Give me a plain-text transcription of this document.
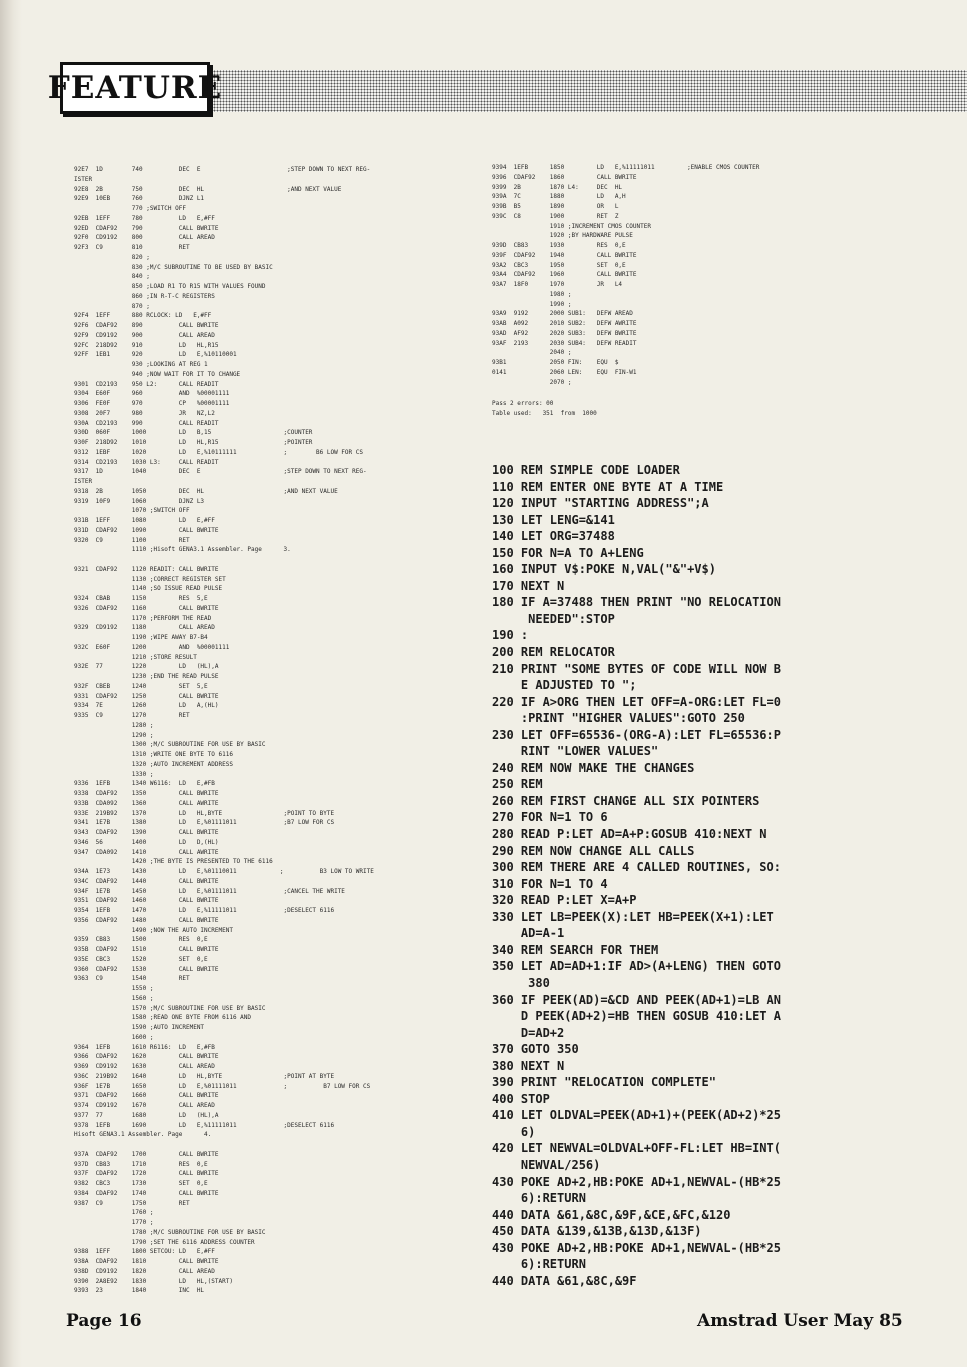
FEATURE
92E7  1D        740          DEC  E                        ;STEP DOWN TO NEXT REG-
ISTER
92E8  2B        750          DEC  HL                       ;AND NEXT VALUE
92E9  10EB      760          DJNZ L1
770 ;SWITCH OFF
92EB  1EFF      780          LD   E,#FF
92ED  CDAF92    790          CALL BWRITE
92F0  CD9192    800          CALL AREAD
92F3  C9        810          RET
820 ;
830 ;M/C SUBROUTINE TO BE USED BY BASIC
840 ;
850 ;LOAD R1 TO R15 WITH VALUES FOUND
860 ;IN R-T-C REGISTERS
870 ;
92F4  1EFF      880 RCLOCK: LD   E,#FF
92F6  CDAF92    890          CALL BWRITE
92F9  CD9192    900          CALL AREAD
92FC  218D92    910          LD   HL,R15
92FF  1EB1      920          LD   E,%10110001
930 ;LOOKING AT REG 1
940 ;NOW WAIT FOR IT TO CHANGE
9301  CD2193    950 L2:      CALL READIT
9304  E60F      960          AND  %00001111
9306  FE0F      970          CP   %00001111
9308  20F7      980          JR   NZ,L2
930A  CD2193    990          CALL READIT
930D  060F      1000         LD   B,15                    ;COUNTER
930F  218D92    1010         LD   HL,R15                  ;POINTER
9312  1EBF      1020         LD   E,%10111111             ;        B6 LOW FOR CS
9314  CD2193    1030 L3:     CALL READIT
9317  1D        1040         DEC  E                       ;STEP DOWN TO NEXT REG-
ISTER
9318  2B        1050         DEC  HL                      ;AND NEXT VALUE
9319  10F9      1060         DJNZ L3
1070 ;SWITCH OFF
931B  1EFF      1080         LD   E,#FF
931D  CDAF92    1090         CALL BWRITE
9320  C9        1100         RET
1110 ;Hisoft GENA3.1 Assembler. Page      3.

9321  CDAF92    1120 READIT: CALL BWRITE
1130 ;CORRECT REGISTER SET
1140 ;SO ISSUE READ PULSE
9324  CBAB      1150         RES  5,E
9326  CDAF92    1160         CALL BWRITE
1170 ;PERFORM THE READ
9329  CD9192    1180         CALL AREAD
1190 ;WIPE AWAY B7-B4
932C  E60F      1200         AND  %00001111
1210 ;STORE RESULT
932E  77        1220         LD   (HL),A
1230 ;END THE READ PULSE
932F  CBEB      1240         SET  5,E
9331  CDAF92    1250         CALL BWRITE
9334  7E        1260         LD   A,(HL)
9335  C9        1270         RET
1280 ;
1290 ;
1300 ;M/C SUBROUTINE FOR USE BY BASIC
1310 ;WRITE ONE BYTE TO 6116
1320 ;AUTO INCREMENT ADDRESS
1330 ;
9336  1EFB      1340 W6116:  LD   E,#FB
9338  CDAF92    1350         CALL BWRITE
933B  CDA092    1360         CALL AWRITE
933E  219B92    1370         LD   HL,BYTE                 ;POINT TO BYTE
9341  1E7B      1380         LD   E,%01111011             ;B7 LOW FOR CS
9343  CDAF92    1390         CALL BWRITE
9346  56        1400         LD   D,(HL)
9347  CDA092    1410         CALL AWRITE
1420 ;THE BYTE IS PRESENTED TO THE 6116
934A  1E73      1430         LD   E,%01110011            ;          B3 LOW TO WRITE
934C  CDAF92    1440         CALL BWRITE
934F  1E7B      1450         LD   E,%01111011             ;CANCEL THE WRITE
9351  CDAF92    1460         CALL BWRITE
9354  1EFB      1470         LD   E,%11111011             ;DESELECT 6116
9356  CDAF92    1480         CALL BWRITE
1490 ;NOW THE AUTO INCREMENT
9359  CB83      1500         RES  0,E
935B  CDAF92    1510         CALL BWRITE
935E  CBC3      1520         SET  0,E
9360  CDAF92    1530         CALL BWRITE
9363  C9        1540         RET
1550 ;
1560 ;
1570 ;M/C SUBROUTINE FOR USE BY BASIC
1580 ;READ ONE BYTE FROM 6116 AND
1590 ;AUTO INCREMENT
1600 ;
9364  1EFB      1610 R6116:  LD   E,#FB
9366  CDAF92    1620         CALL BWRITE
9369  CD9192    1630         CALL AREAD
936C  219B92    1640         LD   HL,BYTE                 ;POINT AT BYTE
936F  1E7B      1650         LD   E,%01111011             ;          B7 LOW FOR CS
9371  CDAF92    1660         CALL BWRITE
9374  CD9192    1670         CALL AREAD
9377  77        1680         LD   (HL),A
9378  1EFB      1690         LD   E,%11111011             ;DESELECT 6116
Hisoft GENA3.1 Assembler. Page      4.

937A  CDAF92    1700         CALL BWRITE
937D  CB83      1710         RES  0,E
937F  CDAF92    1720         CALL BWRITE
9382  CBC3      1730         SET  0,E
9384  CDAF92    1740         CALL BWRITE
9387  C9        1750         RET
1760 ;
1770 ;
1780 ;M/C SUBROUTINE FOR USE BY BASIC
1790 ;SET THE 6116 ADDRESS COUNTER
9388  1EFF      1800 SETCOU: LD   E,#FF
938A  CDAF92    1810         CALL BWRITE
938D  CD9192    1820         CALL AREAD
9390  2A8E92    1830         LD   HL,(START)
9393  23        1840         INC  HL
9394  1EFB      1850         LD   E,%11111011         ;ENABLE CMOS COUNTER
9396  CDAF92    1860         CALL BWRITE
9399  2B        1870 L4:     DEC  HL
939A  7C        1880         LD   A,H
939B  B5        1890         OR   L
939C  C8        1900         RET  Z
1910 ;INCREMENT CMOS COUNTER
1920 ;BY HARDWARE PULSE
939D  CB83      1930         RES  0,E
939F  CDAF92    1940         CALL BWRITE
93A2  CBC3      1950         SET  0,E
93A4  CDAF92    1960         CALL BWRITE
93A7  18F0      1970         JR   L4
1980 ;
1990 ;
93A9  9192      2000 SUB1:   DEFW AREAD
93AB  A092      2010 SUB2:   DEFW AWRITE
93AD  AF92      2020 SUB3:   DEFW BWRITE
93AF  2193      2030 SUB4:   DEFW READIT
2040 ;
93B1            2050 FIN:    EQU  $
0141            2060 LEN:    EQU  FIN-W1
2070 ;
Pass 2 errors: 00
Table used:   351  from  1000
100 REM SIMPLE CODE LOADER
110 REM ENTER ONE BYTE AT A TIME
120 INPUT "STARTING ADDRESS";A
130 LET LENG=&141
140 LET ORG=37488
150 FOR N=A TO A+LENG
160 INPUT V$:POKE N,VAL("&"+V$)
170 NEXT N
180 IF A=37488 THEN PRINT "NO RELOCATION
NEEDED":STOP
190 :
200 REM RELOCATOR
210 PRINT "SOME BYTES OF CODE WILL NOW B
E ADJUSTED TO ";
220 IF A>ORG THEN LET OFF=A-ORG:LET FL=0
:PRINT "HIGHER VALUES":GOTO 250
230 LET OFF=65536-(ORG-A):LET FL=65536:P
RINT "LOWER VALUES"
240 REM NOW MAKE THE CHANGES
250 REM
260 REM FIRST CHANGE ALL SIX POINTERS
270 FOR N=1 TO 6
280 READ P:LET AD=A+P:GOSUB 410:NEXT N
290 REM NOW CHANGE ALL CALLS
300 REM THERE ARE 4 CALLED ROUTINES, SO:
310 FOR N=1 TO 4
320 READ P:LET X=A+P
330 LET LB=PEEK(X):LET HB=PEEK(X+1):LET
AD=A-1
340 REM SEARCH FOR THEM
350 LET AD=AD+1:IF AD>(A+LENG) THEN GOTO
380
360 IF PEEK(AD)=&CD AND PEEK(AD+1)=LB AN
D PEEK(AD+2)=HB THEN GOSUB 410:LET A
D=AD+2
370 GOTO 350
380 NEXT N
390 PRINT "RELOCATION COMPLETE"
400 STOP
410 LET OLDVAL=PEEK(AD+1)+(PEEK(AD+2)*25
6)
420 LET NEWVAL=OLDVAL+OFF-FL:LET HB=INT(
NEWVAL/256)
430 POKE AD+2,HB:POKE AD+1,NEWVAL-(HB*25
6):RETURN
440 DATA &61,&8C,&9F,&CE,&FC,&120
450 DATA &139,&13B,&13D,&13F)
430 POKE AD+2,HB:POKE AD+1,NEWVAL-(HB*25
6):RETURN
440 DATA &61,&8C,&9F
Page 16	Amstrad User May 85
